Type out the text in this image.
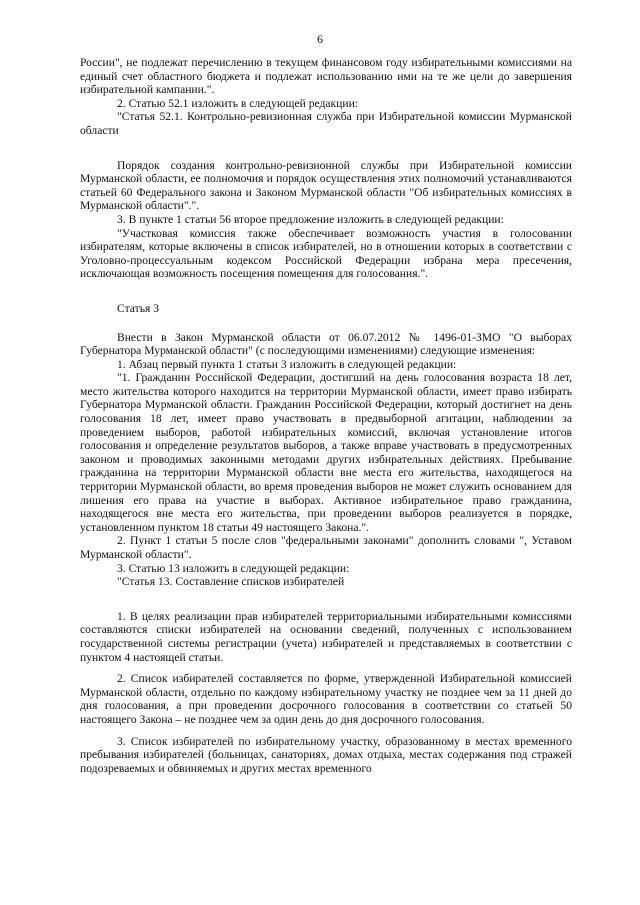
6

России", не подлежат перечислению в текущем финансовом году избирательными комиссиями на единый счет областного бюджета и подлежат использованию ими на те же цели до завершения избирательной кампании.".

2. Статью 52.1 изложить в следующей редакции:

"Статья 52.1. Контрольно-ревизионная служба при Избирательной комиссии Мурманской области

Порядок создания контрольно-ревизионной службы при Избирательной комиссии Мурманской области, ее полномочия и порядок осуществления этих полномочий устанавливаются статьей 60 Федерального закона и Законом Мурманской области "Об избирательных комиссиях в Мурманской области".".

3. В пункте 1 статьи 56 второе предложение изложить в следующей редакции:

"Участковая комиссия также обеспечивает возможность участия в голосовании избирателям, которые включены в список избирателей, но в отношении которых в соответствии с Уголовно-процессуальным кодексом Российской Федерации избрана мера пресечения, исключающая возможность посещения помещения для голосования.".

Статья 3

Внести в Закон Мурманской области от 06.07.2012 № 1496-01-ЗМО "О выборах Губернатора Мурманской области" (с последующими изменениями) следующие изменения:

1. Абзац первый пункта 1 статьи 3 изложить в следующей редакции:

"1. Гражданин Российской Федерации, достигший на день голосования возраста 18 лет, место жительства которого находится на территории Мурманской области, имеет право избирать Губернатора Мурманской области. Гражданин Российской Федерации, который достигнет на день голосования 18 лет, имеет право участвовать в предвыборной агитации, наблюдении за проведением выборов, работой избирательных комиссий, включая установление итогов голосования и определение результатов выборов, а также вправе участвовать в предусмотренных законом и проводимых законными методами других избирательных действиях. Пребывание гражданина на территории Мурманской области вне места его жительства, находящегося на территории Мурманской области, во время проведения выборов не может служить основанием для лишения его права на участие в выборах. Активное избирательное право гражданина, находящегося вне места его жительства, при проведении выборов реализуется в порядке, установленном пунктом 18 статьи 49 настоящего Закона.".

2. Пункт 1 статьи 5 после слов "федеральными законами" дополнить словами ", Уставом Мурманской области".

3. Статью 13 изложить в следующей редакции:

"Статья 13. Составление списков избирателей

1. В целях реализации прав избирателей территориальными избирательными комиссиями составляются списки избирателей на основании сведений, полученных с использованием государственной системы регистрации (учета) избирателей и представляемых в соответствии с пунктом 4 настоящей статьи.

2. Список избирателей составляется по форме, утвержденной Избирательной комиссией Мурманской области, отдельно по каждому избирательному участку не позднее чем за 11 дней до дня голосования, а при проведении досрочного голосования в соответствии со статьей 50 настоящего Закона – не позднее чем за один день до дня досрочного голосования.

3. Список избирателей по избирательному участку, образованному в местах временного пребывания избирателей (больницах, санаториях, домах отдыха, местах содержания под стражей подозреваемых и обвиняемых и других местах временного
